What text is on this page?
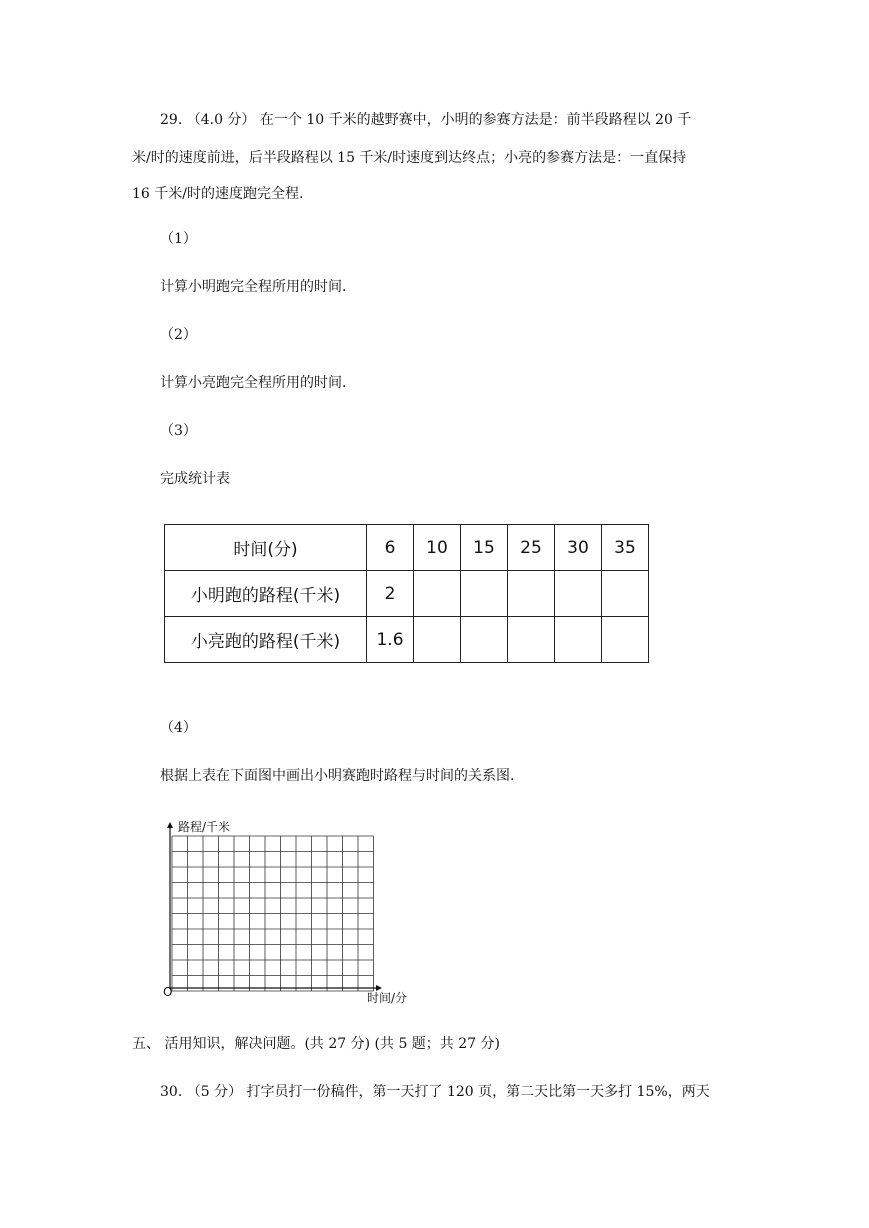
29. （4.0 分） 在一个 10 千米的越野赛中，小明的参赛方法是：前半段路程以 20 千
米/时的速度前进，后半段路程以 15 千米/时速度到达终点；小亮的参赛方法是：一直保持
16 千米/时的速度跑完全程.
（1）
计算小明跑完全程所用的时间.
（2）
计算小亮跑完全程所用的时间.
（3）
完成统计表
时间(分)	6	10	15	25	30	35
小明跑的路程(千米)	2					
小亮跑的路程(千米)	1.6					
（4）
根据上表在下面图中画出小明赛跑时路程与时间的关系图.
路程/千米
时间/分
O
五、 活用知识，解决问题。(共 27 分) (共 5 题；共 27 分)
30. （5 分） 打字员打一份稿件，第一天打了 120 页，第二天比第一天多打 15%，两天
